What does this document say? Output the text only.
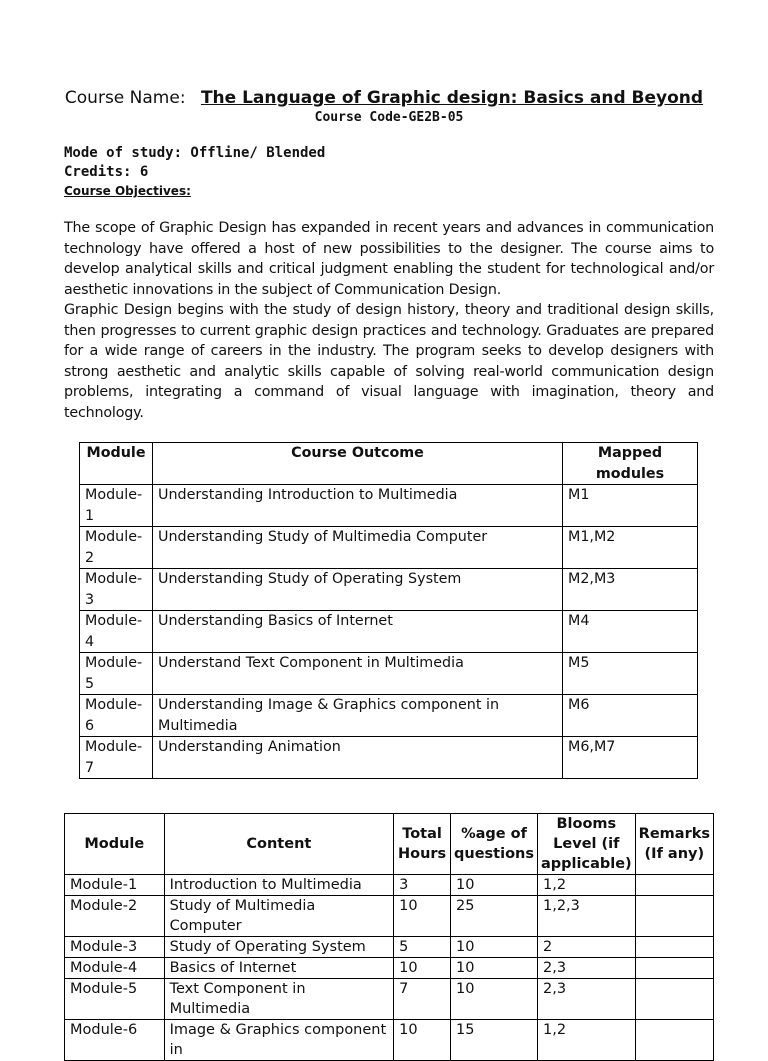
Course Name: The Language of Graphic design: Basics and Beyond
Course Code-GE2B-05
Mode of study: Offline/ Blended
Credits: 6
Course Objectives:
The scope of Graphic Design has expanded in recent years and advances in communication technology have offered a host of new possibilities to the designer. The course aims to develop analytical skills and critical judgment enabling the student for technological and/or aesthetic innovations in the subject of Communication Design.
Graphic Design begins with the study of design history, theory and traditional design skills, then progresses to current graphic design practices and technology. Graduates are prepared for a wide range of careers in the industry. The program seeks to develop designers with strong aesthetic and analytic skills capable of solving real-world communication design problems, integrating a command of visual language with imagination, theory and technology.
Module	Course Outcome	Mapped modules
Module-1	Understanding Introduction to Multimedia	M1
Module-2	Understanding Study of Multimedia Computer	M1,M2
Module-3	Understanding Study of Operating System	M2,M3
Module-4	Understanding Basics of Internet	M4
Module-5	Understand Text Component in Multimedia	M5
Module-6	Understanding Image & Graphics component in Multimedia	M6
Module-7	Understanding Animation	M6,M7
Module	Content	Total Hours	%age of questions	Blooms Level (if applicable)	Remarks (If any)
Module-1	Introduction to Multimedia	3	10	1,2	
Module-2	Study of Multimedia Computer	10	25	1,2,3	
Module-3	Study of Operating System	5	10	2	
Module-4	Basics of Internet	10	10	2,3	
Module-5	Text Component in Multimedia	7	10	2,3	
Module-6	Image & Graphics component in	10	15	1,2	
